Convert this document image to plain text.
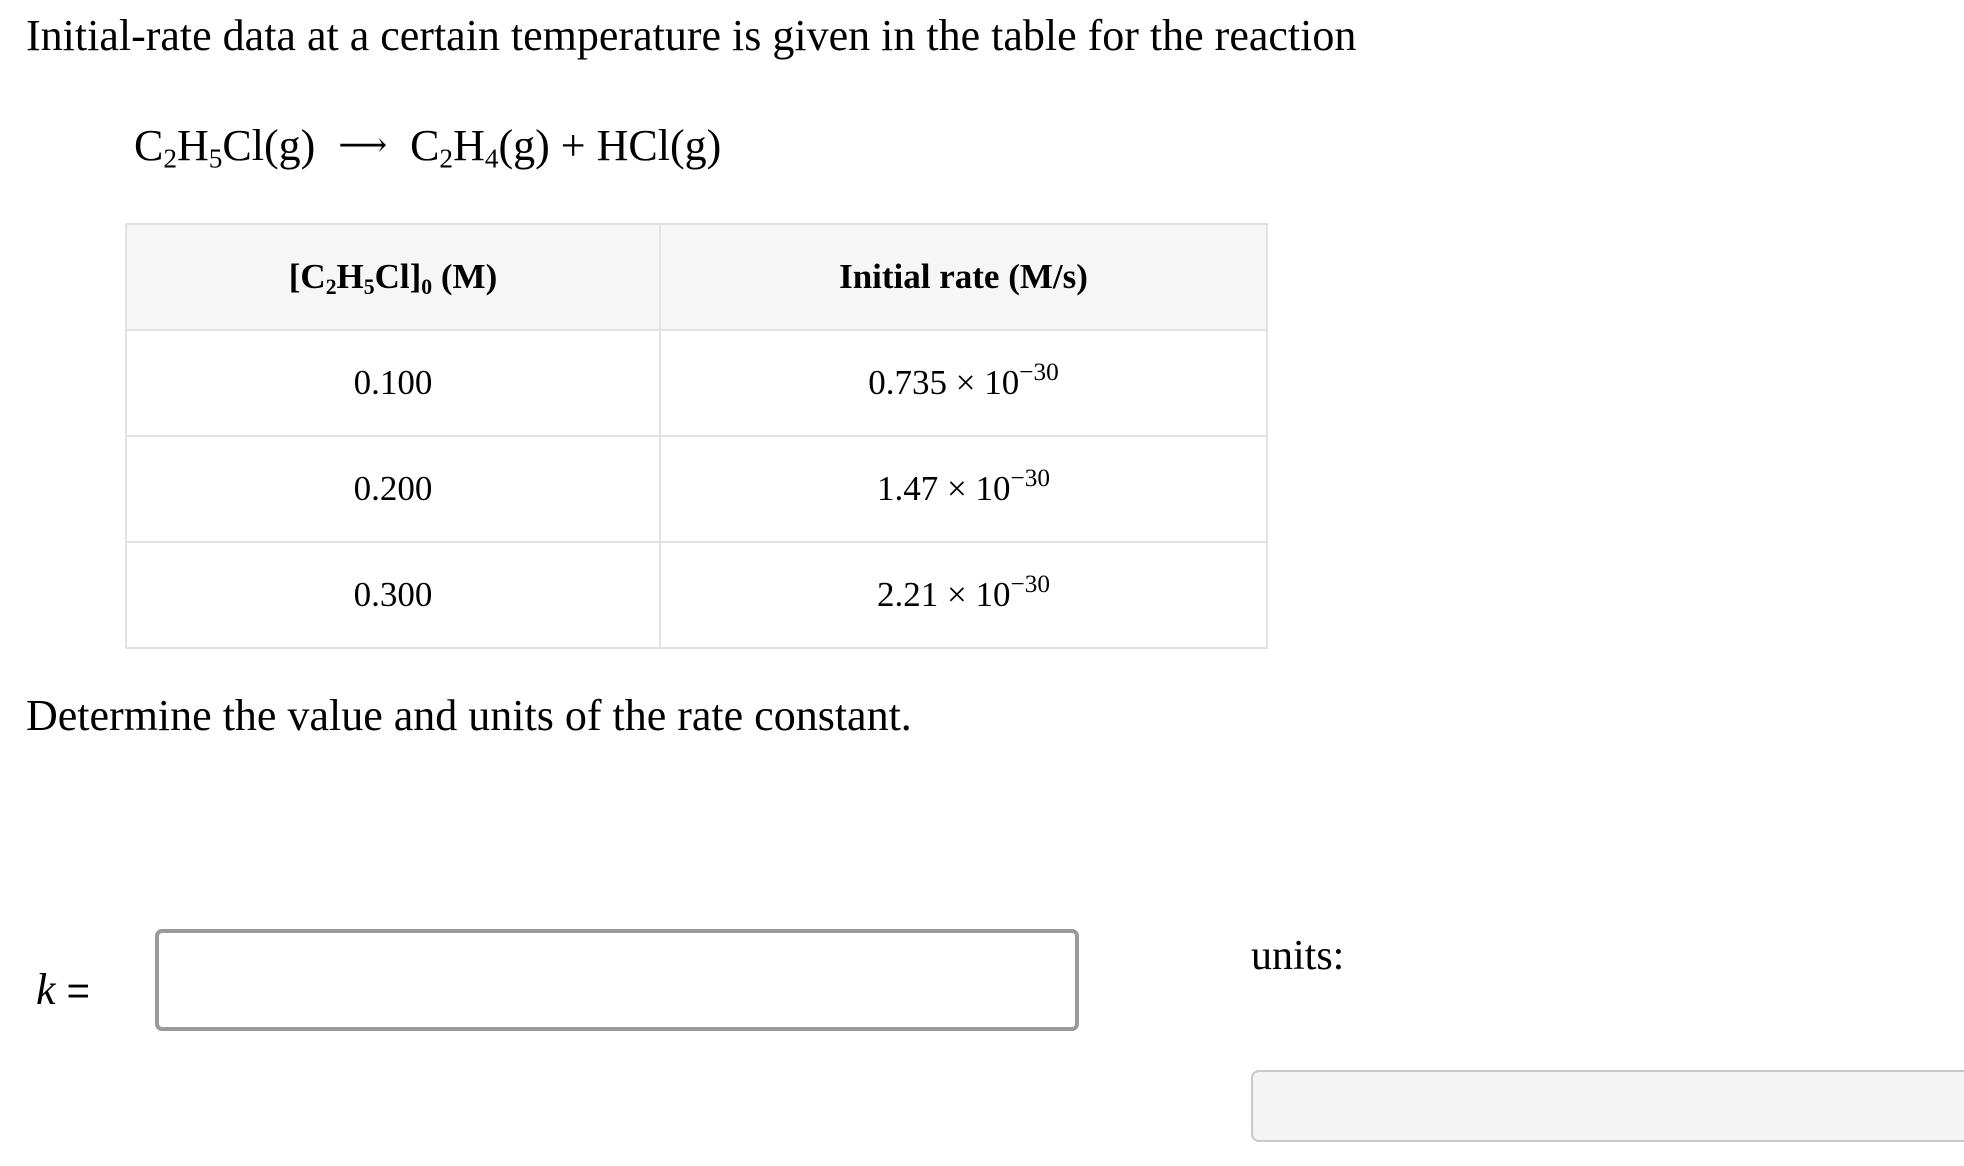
Initial-rate data at a certain temperature is given in the table for the reaction
$C_2H_5Cl(g)$ ⟶ $C_2H_4(g) + HCl(g)$
$[C_2H_5Cl]_0$ (M)	Initial rate (M/s)
0.100	$0.735 \times 10^{-30}$
0.200	$1.47 \times 10^{-30}$
0.300	$2.21 \times 10^{-30}$
Determine the value and units of the rate constant.
k =
units:
